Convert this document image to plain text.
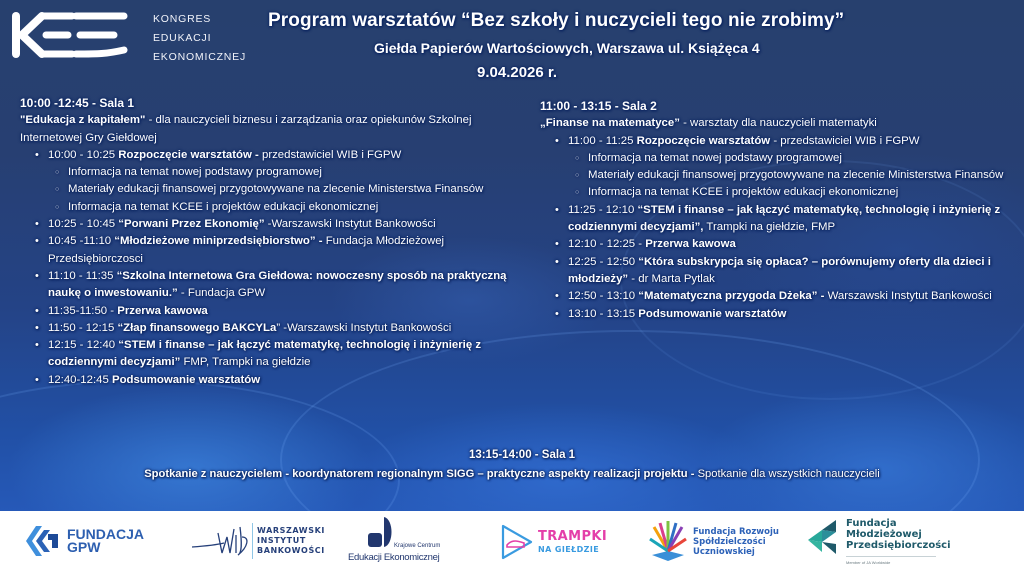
KONGRES
EDUKACJI
EKONOMICZNEJ
Program warsztatów “Bez szkoły i nuczycieli tego nie zrobimy”
Giełda Papierów Wartościowych, Warszawa ul. Książęca 4
9.04.2026 r.
10:00 -12:45 - Sala 1
"Edukacja z kapitałem" - dla nauczycieli biznesu i zarządzania oraz opiekunów Szkolnej Internetowej Gry Giełdowej
• 10:00 - 10:25 Rozpoczęcie warsztatów - przedstawiciel WIB i FGPW
○ Informacja na temat nowej podstawy programowej
○ Materiały edukacji finansowej przygotowywane na zlecenie Ministerstwa Finansów
○ Informacja na temat KCEE i projektów edukacji ekonomicznej
• 10:25 - 10:45 “Porwani Przez Ekonomię” -Warszawski Instytut Bankowości
• 10:45 -11:10 “Młodzieżowe miniprzedsiębiorstwo” - Fundacja Młodzieżowej Przedsiębiorczosci
• 11:10 - 11:35 “Szkolna Internetowa Gra Giełdowa: nowoczesny sposób na praktyczną naukę o inwestowaniu.” - Fundacja GPW
• 11:35-11:50 - Przerwa kawowa
• 11:50 - 12:15 “Złap finansowego BAKCYLa” -Warszawski Instytut Bankowości
• 12:15 - 12:40 “STEM i finanse – jak łączyć matematykę, technologię i inżynierię z codziennymi decyzjami” FMP, Trampki na giełdzie
• 12:40-12:45 Podsumowanie warsztatów
11:00 - 13:15 - Sala 2
„Finanse na matematyce” - warsztaty dla nauczycieli matematyki
• 11:00 - 11:25 Rozpoczęcie warsztatów - przedstawiciel WIB i FGPW
○ Informacja na temat nowej podstawy programowej
○ Materiały edukacji finansowej przygotowywane na zlecenie Ministerstwa Finansów
○ Informacja na temat KCEE i projektów edukacji ekonomicznej
• 11:25 - 12:10 “STEM i finanse – jak łączyć matematykę, technologię i inżynierię z codziennymi decyzjami”, Trampki na giełdzie, FMP
• 12:10 - 12:25 - Przerwa kawowa
• 12:25 - 12:50 “Która subskrypcja się opłaca? – porównujemy oferty dla dzieci i młodzieży” - dr Marta Pytlak
• 12:50 - 13:10 “Matematyczna przygoda Dżeka” - Warszawski Instytut Bankowości
• 13:10 - 13:15 Podsumowanie warsztatów
13:15-14:00 - Sala 1
Spotkanie z nauczycielem - koordynatorem regionalnym SIGG – praktyczne aspekty realizacji projektu - Spotkanie dla wszystkich nauczycieli
FUNDACJA
GPW
WARSZAWSKI
INSTYTUT
BANKOWOŚCI	Krajowe Centrum
Edukacji Ekonomicznej
TRAMPKI
NA GIEŁDZIE
Fundacja Rozwoju
Spółdzielczości
Uczniowskiej
Fundacja
Młodzieżowej
Przedsiębiorczości
Member of JA Worldwide
